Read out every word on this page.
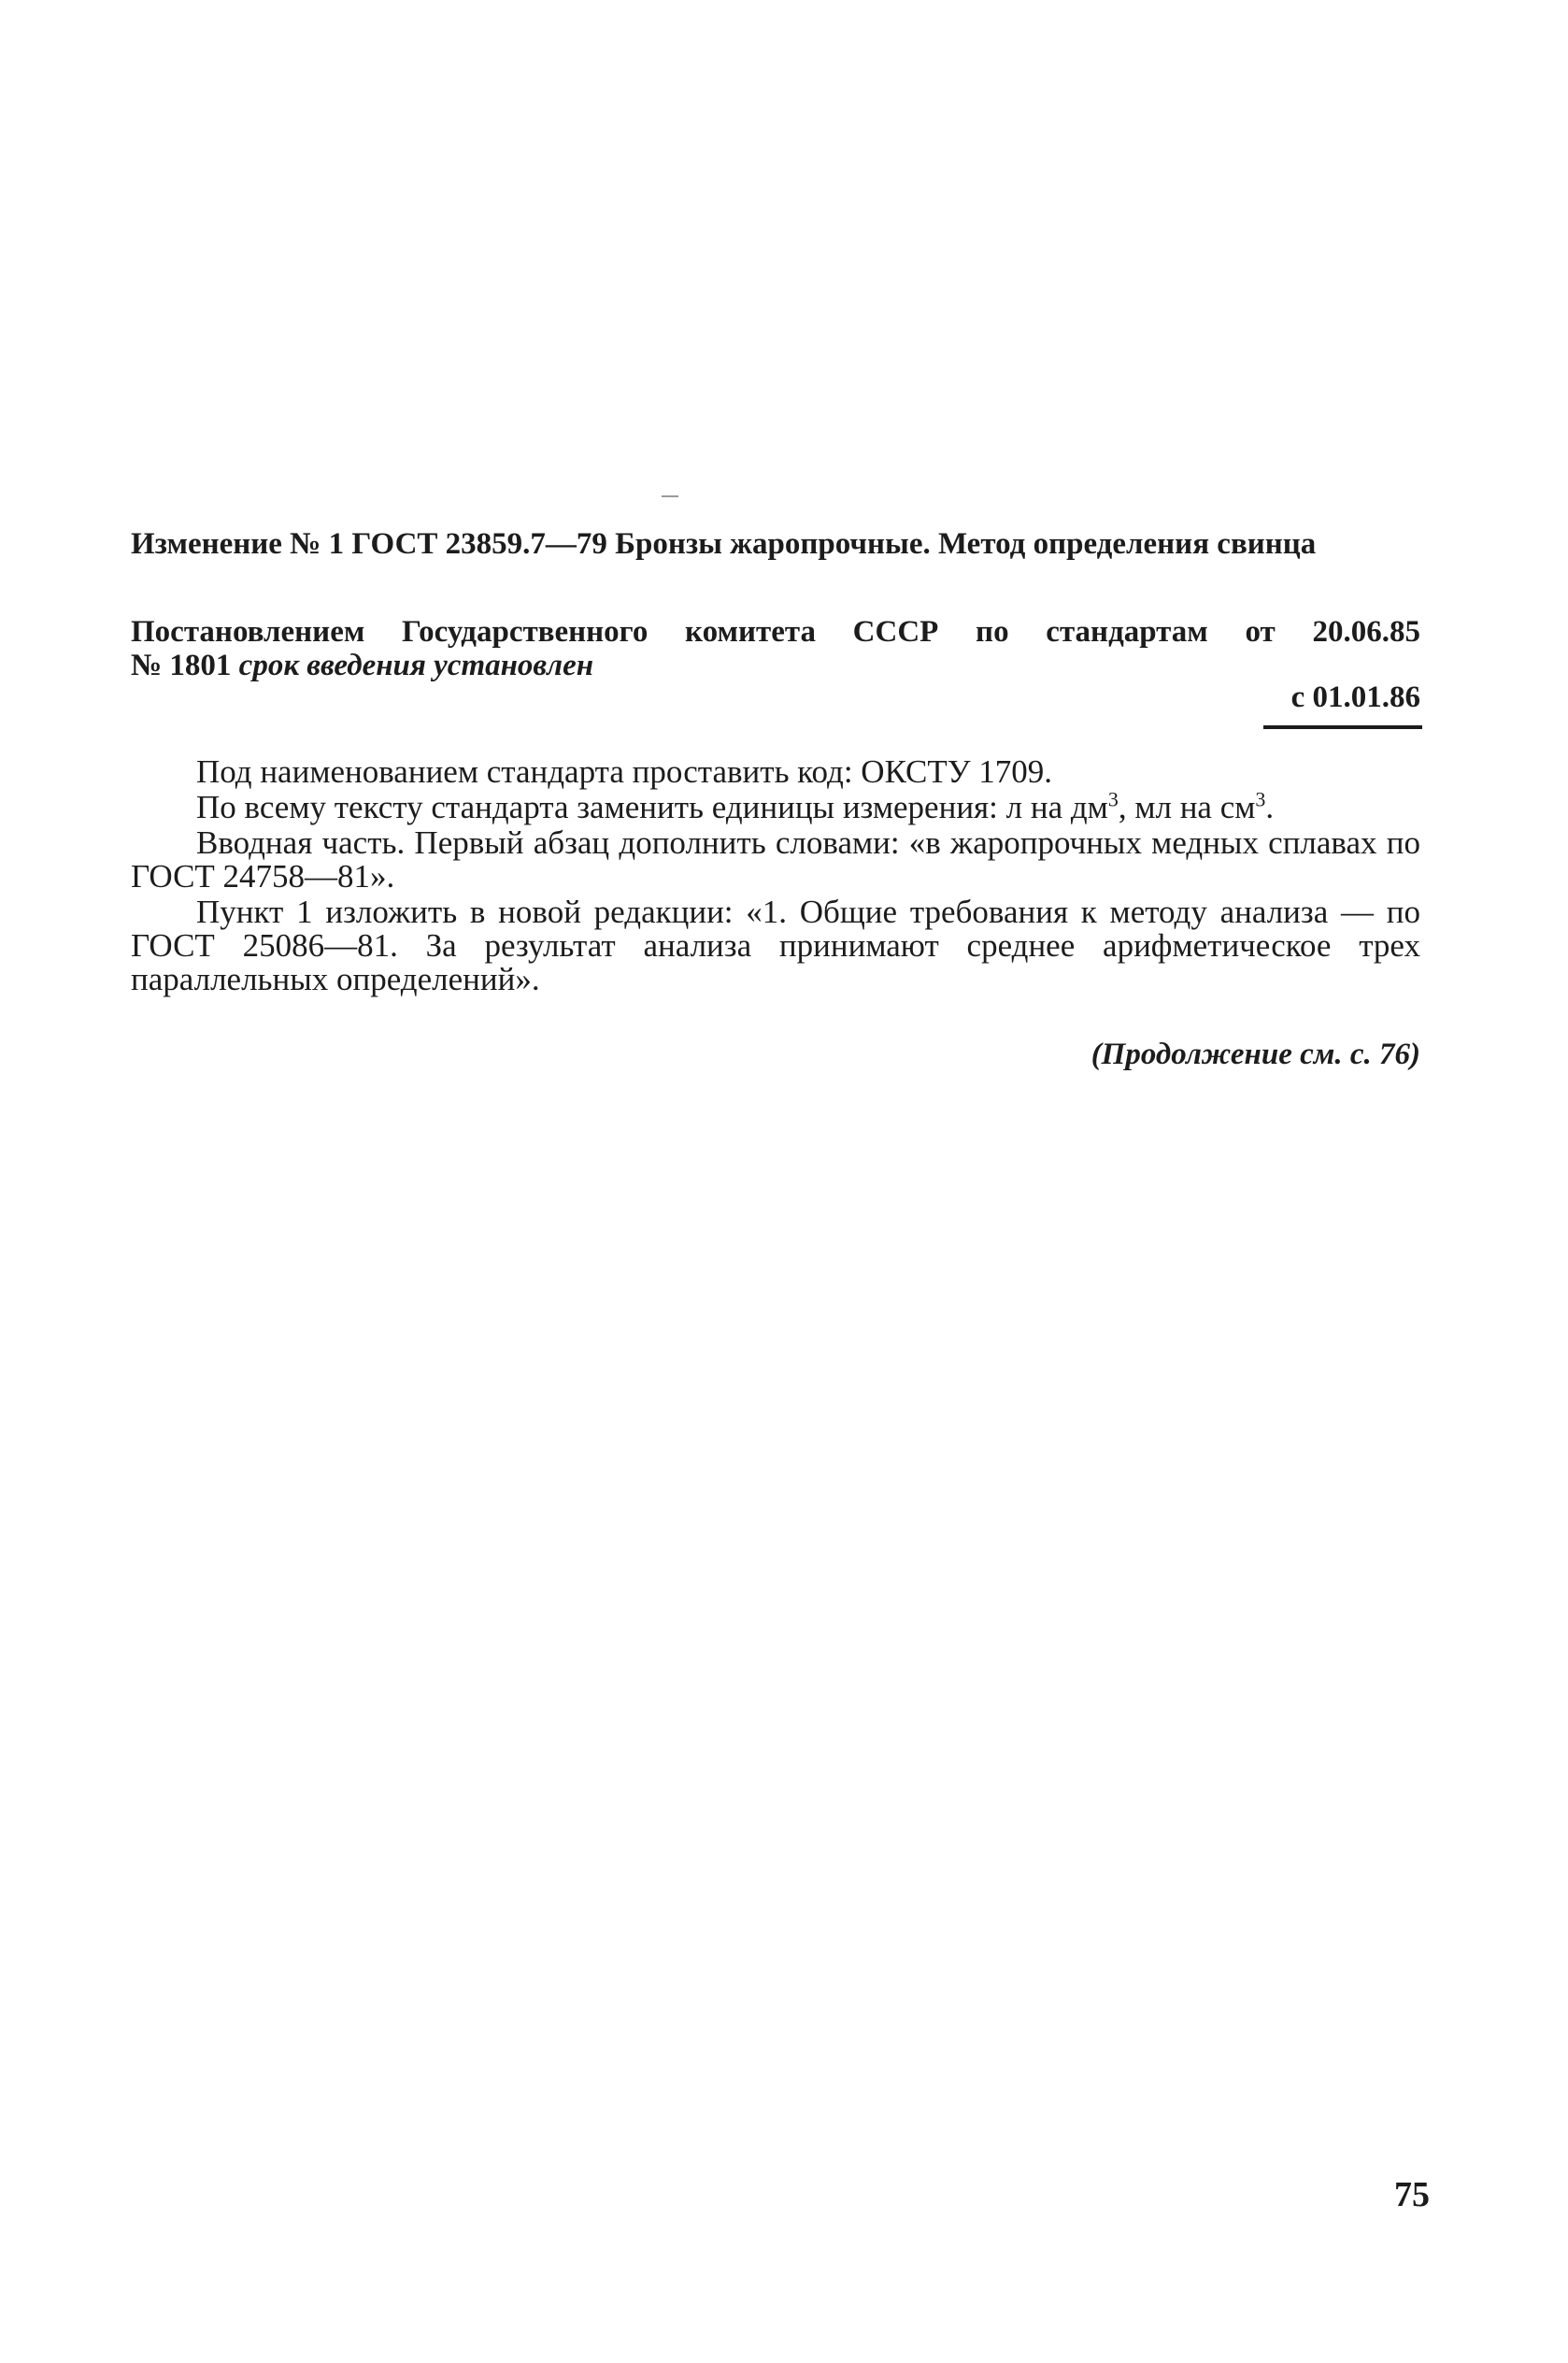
Изменение № 1 ГОСТ 23859.7—79 Бронзы жаропрочные. Метод определения свинца
Постановлением Государственного комитета СССР по стандартам от 20.06.85
№ 1801 срок введения установлен
с 01.01.86

Под наименованием стандарта проставить код: ОКСТУ 1709.

По всему тексту стандарта заменить единицы измерения: л на $дм^3$, мл на $см^3$.

Вводная часть. Первый абзац дополнить словами: «в жаропрочных медных сплавах по ГОСТ 24758—81».

Пункт 1 изложить в новой редакции: «1. Общие требования к методу анализа — по ГОСТ 25086—81. За результат анализа принимают среднее арифметическое трех параллельных определений».

(Продолжение см. с. 76)
75
